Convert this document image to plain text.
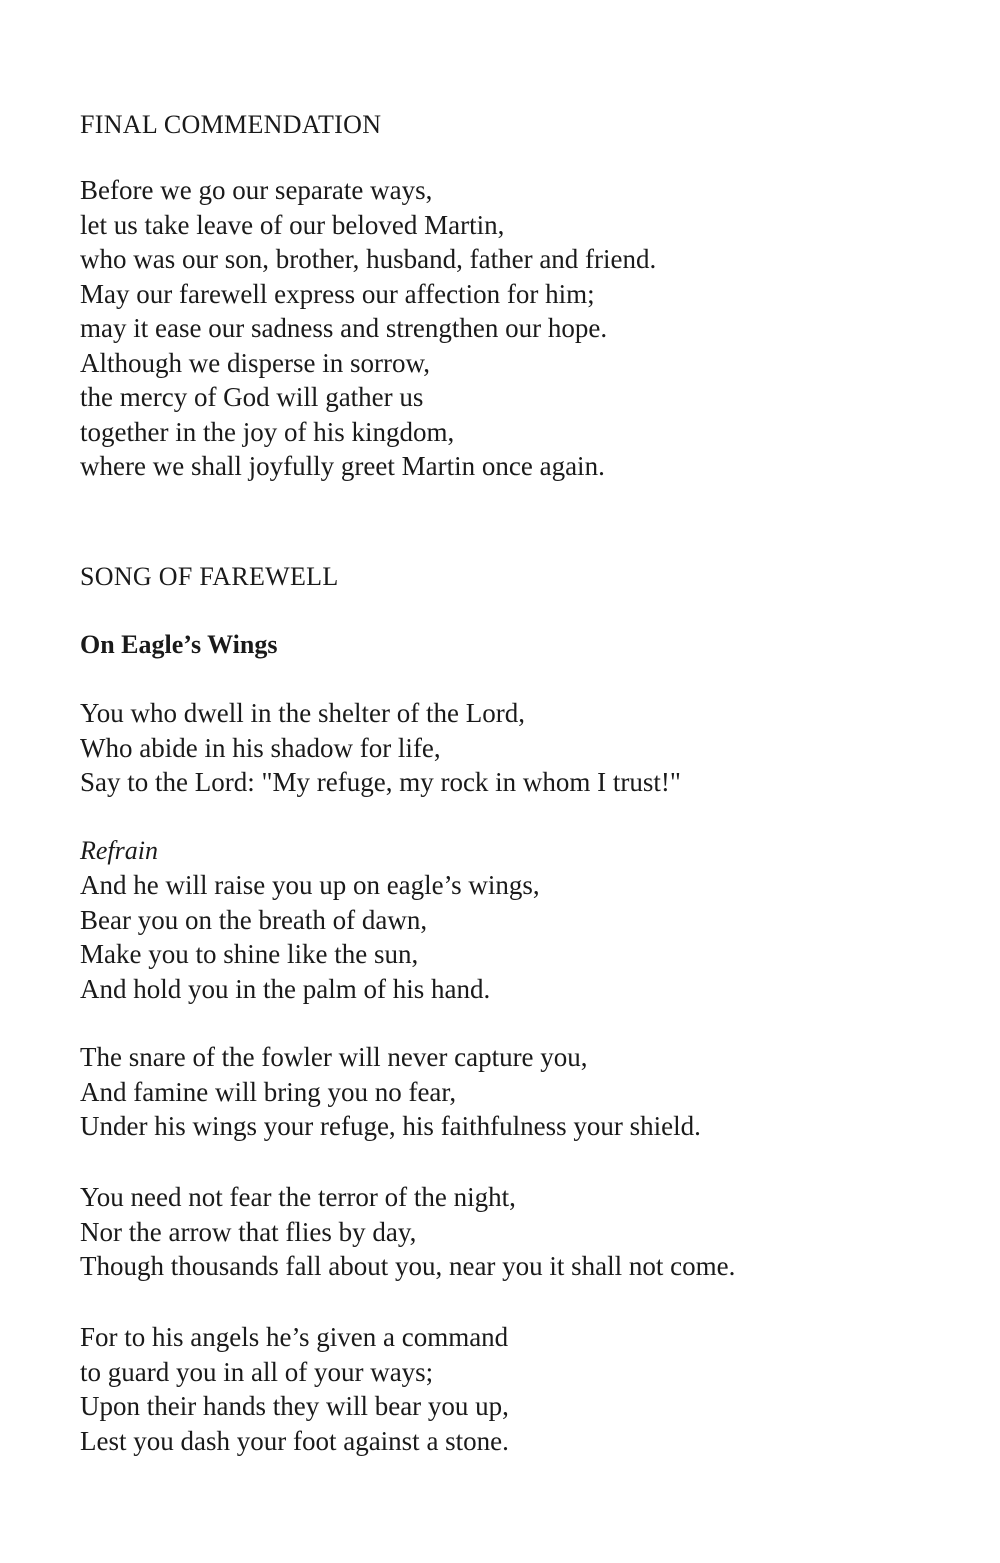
FINAL COMMENDATION
Before we go our separate ways,
let us take leave of our beloved Martin,
who was our son, brother, husband, father and friend.
May our farewell express our affection for him;
may it ease our sadness and strengthen our hope.
Although we disperse in sorrow,
the mercy of God will gather us
together in the joy of his kingdom,
where we shall joyfully greet Martin once again.
SONG OF FAREWELL
On Eagle’s Wings
You who dwell in the shelter of the Lord,
Who abide in his shadow for life,
Say to the Lord: "My refuge, my rock in whom I trust!"
Refrain
And he will raise you up on eagle’s wings,
Bear you on the breath of dawn,
Make you to shine like the sun,
And hold you in the palm of his hand.
The snare of the fowler will never capture you,
And famine will bring you no fear,
Under his wings your refuge, his faithfulness your shield.
You need not fear the terror of the night,
Nor the arrow that flies by day,
Though thousands fall about you, near you it shall not come.
For to his angels he’s given a command
to guard you in all of your ways;
Upon their hands they will bear you up,
Lest you dash your foot against a stone.
